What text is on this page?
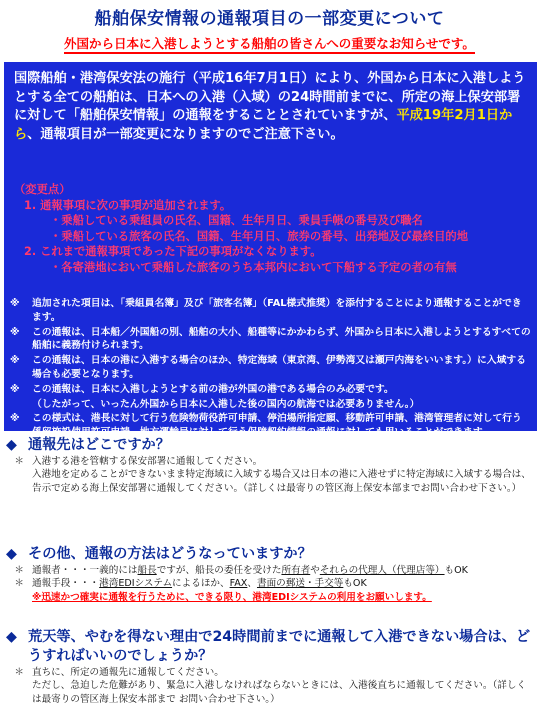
船舶保安情報の通報項目の一部変更について
外国から日本に入港しようとする船舶の皆さんへの重要なお知らせです。
国際船舶・港湾保安法の施行（平成16年7月1日）により、外国から日本に入港しようとする全ての船舶は、日本への入港（入域）の24時間前までに、所定の海上保安部署に対して「船舶保安情報」の通報をすることとされていますが、平成19年2月1日から、通報項目が一部変更になりますのでご注意下さい。
（変更点）
1. 通報事項に次の事項が追加されます。
・乗船している乗組員の氏名、国籍、生年月日、乗員手帳の番号及び職名
・乗船している旅客の氏名、国籍、生年月日、旅券の番号、出発地及び最終目的地
2. これまで通報事項であった下記の事項がなくなります。
・各寄港地において乗船した旅客のうち本邦内において下船する予定の者の有無
※	追加された項目は、「乗組員名簿」及び「旅客名簿」（FAL様式推奨）を添付することにより通報することができます。
※	この通報は、日本船／外国船の別、船舶の大小、船種等にかかわらず、外国から日本に入港しようとするすべての船舶に義務付けられます。
※	この通報は、日本の港に入港する場合のほか、特定海域（東京湾、伊勢湾又は瀬戸内海をいいます。）に入域する場合も必要となります。
※	この通報は、日本に入港しようとする前の港が外国の港である場合のみ必要です。
（したがって、いったん外国から日本に入港した後の国内の航海では必要ありません。）
※	この様式は、港長に対して行う危険物荷役許可申請、停泊場所指定願、移動許可申請、港湾管理者に対して行う係留施設使用許可申請、地方運輸局に対して行う保障契約情報の通報に対しても用いることができます。
◆ 通報先はどこですか？
＊ 入港する港を管轄する保安部署に通報してください。
入港地を定めることができないまま特定海域に入域する場合又は日本の港に入港せずに特定海域に入域する場合は、告示で定める海上保安部署に通報してください。（詳しくは最寄りの管区海上保安本部までお問い合わせ下さい。）
◆ その他、通報の方法はどうなっていますか？
＊ 通報者・・・一義的には船長ですが、船長の委任を受けた所有者やそれらの代理人（代理店等）もOK
＊ 通報手段・・・港湾EDIシステムによるほか、FAX、書面の郵送・手交等もOK
※迅速かつ確実に通報を行うために、できる限り、港湾EDIシステムの利用をお願いします。
◆ 荒天等、やむを得ない理由で24時間前までに通報して入港できない場合は、どうすればいいのでしょうか？
＊ 直ちに、所定の通報先に通報してください。
ただし、急迫した危難があり、緊急に入港しなければならないときには、入港後直ちに通報してください。（詳しくは最寄りの管区海上保安本部まで お問い合わせ下さい。）
